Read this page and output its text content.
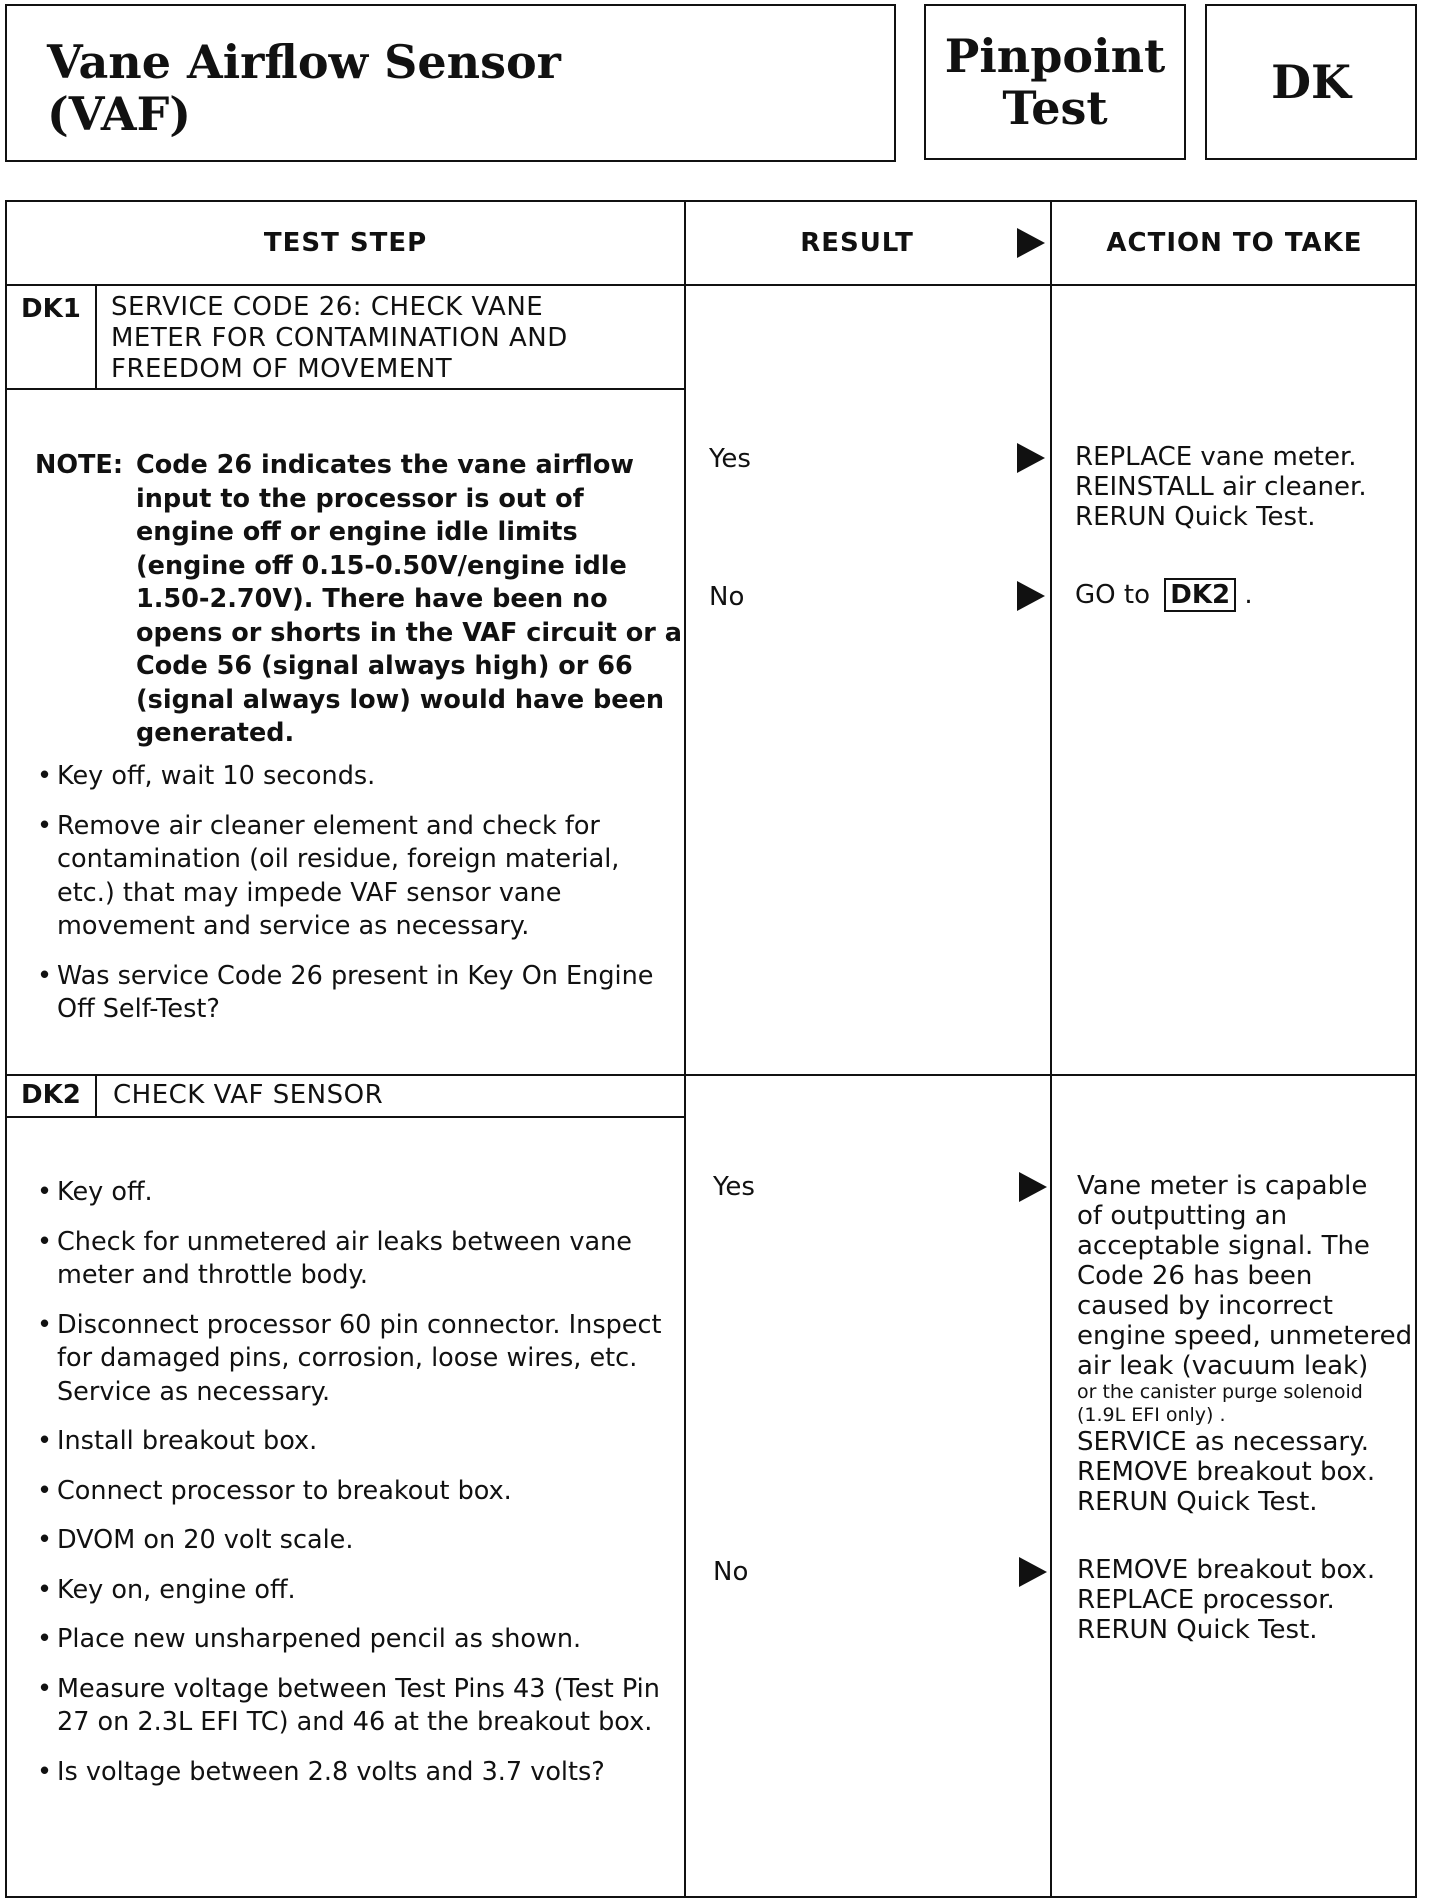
Vane Airflow Sensor
(VAF)
Pinpoint
Test	DK
TEST STEP	RESULT	ACTION TO TAKE
DK1 SERVICE CODE 26: CHECK VANE
METER FOR CONTAMINATION AND
FREEDOM OF MOVEMENT
NOTE: Code 26 indicates the vane airflow input to the processor is out of engine off or engine idle limits (engine off 0.15-0.50V/engine idle 1.50-2.70V). There have been no opens or shorts in the VAF circuit or a Code 56 (signal always high) or 66 (signal always low) would have been generated.
• Key off, wait 10 seconds.
• Remove air cleaner element and check for contamination (oil residue, foreign material, etc.) that may impede VAF sensor vane movement and service as necessary.
• Was service Code 26 present in Key On Engine Off Self-Test?
Yes	REPLACE vane meter.
REINSTALL air cleaner.
RERUN Quick Test.
No	GO to DK2 .
DK2 CHECK VAF SENSOR
• Key off.
• Check for unmetered air leaks between vane meter and throttle body.
• Disconnect processor 60 pin connector. Inspect for damaged pins, corrosion, loose wires, etc. Service as necessary.
• Install breakout box.
• Connect processor to breakout box.
• DVOM on 20 volt scale.
• Key on, engine off.
• Place new unsharpened pencil as shown.
• Measure voltage between Test Pins 43 (Test Pin 27 on 2.3L EFI TC) and 46 at the breakout box.
• Is voltage between 2.8 volts and 3.7 volts?
Yes	Vane meter is capable
of outputting an
acceptable signal. The
Code 26 has been
caused by incorrect
engine speed, unmetered
air leak (vacuum leak)
or the canister purge solenoid
(1.9L EFI only) .
SERVICE as necessary.
REMOVE breakout box.
RERUN Quick Test.
No	REMOVE breakout box.
REPLACE processor.
RERUN Quick Test.
